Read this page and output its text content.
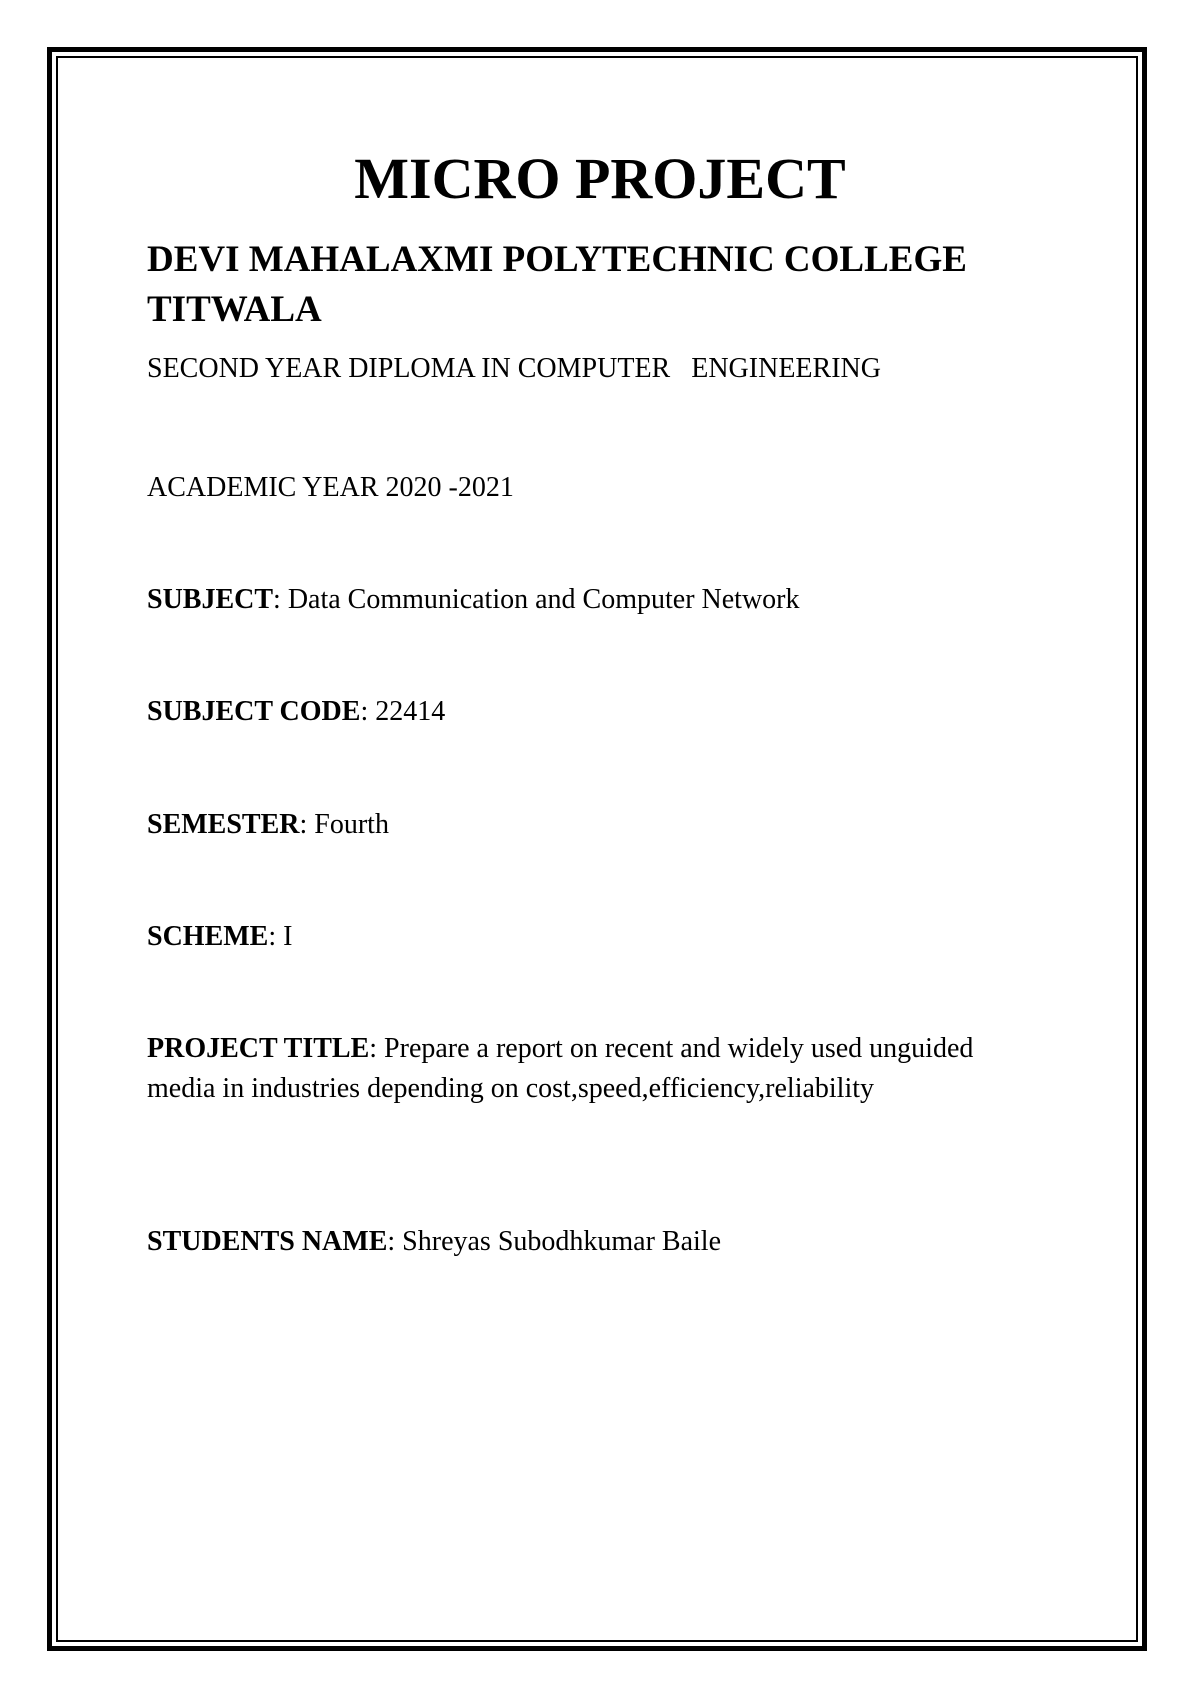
MICRO PROJECT
DEVI MAHALAXMI POLYTECHNIC COLLEGE TITWALA

SECOND YEAR DIPLOMA IN COMPUTER   ENGINEERING

ACADEMIC YEAR 2020 -2021

SUBJECT: Data Communication and Computer Network

SUBJECT CODE: 22414

SEMESTER: Fourth

SCHEME: I

PROJECT TITLE: Prepare a report on recent and widely used unguided media in industries depending on cost,speed,efficiency,reliability

STUDENTS NAME: Shreyas Subodhkumar Baile
